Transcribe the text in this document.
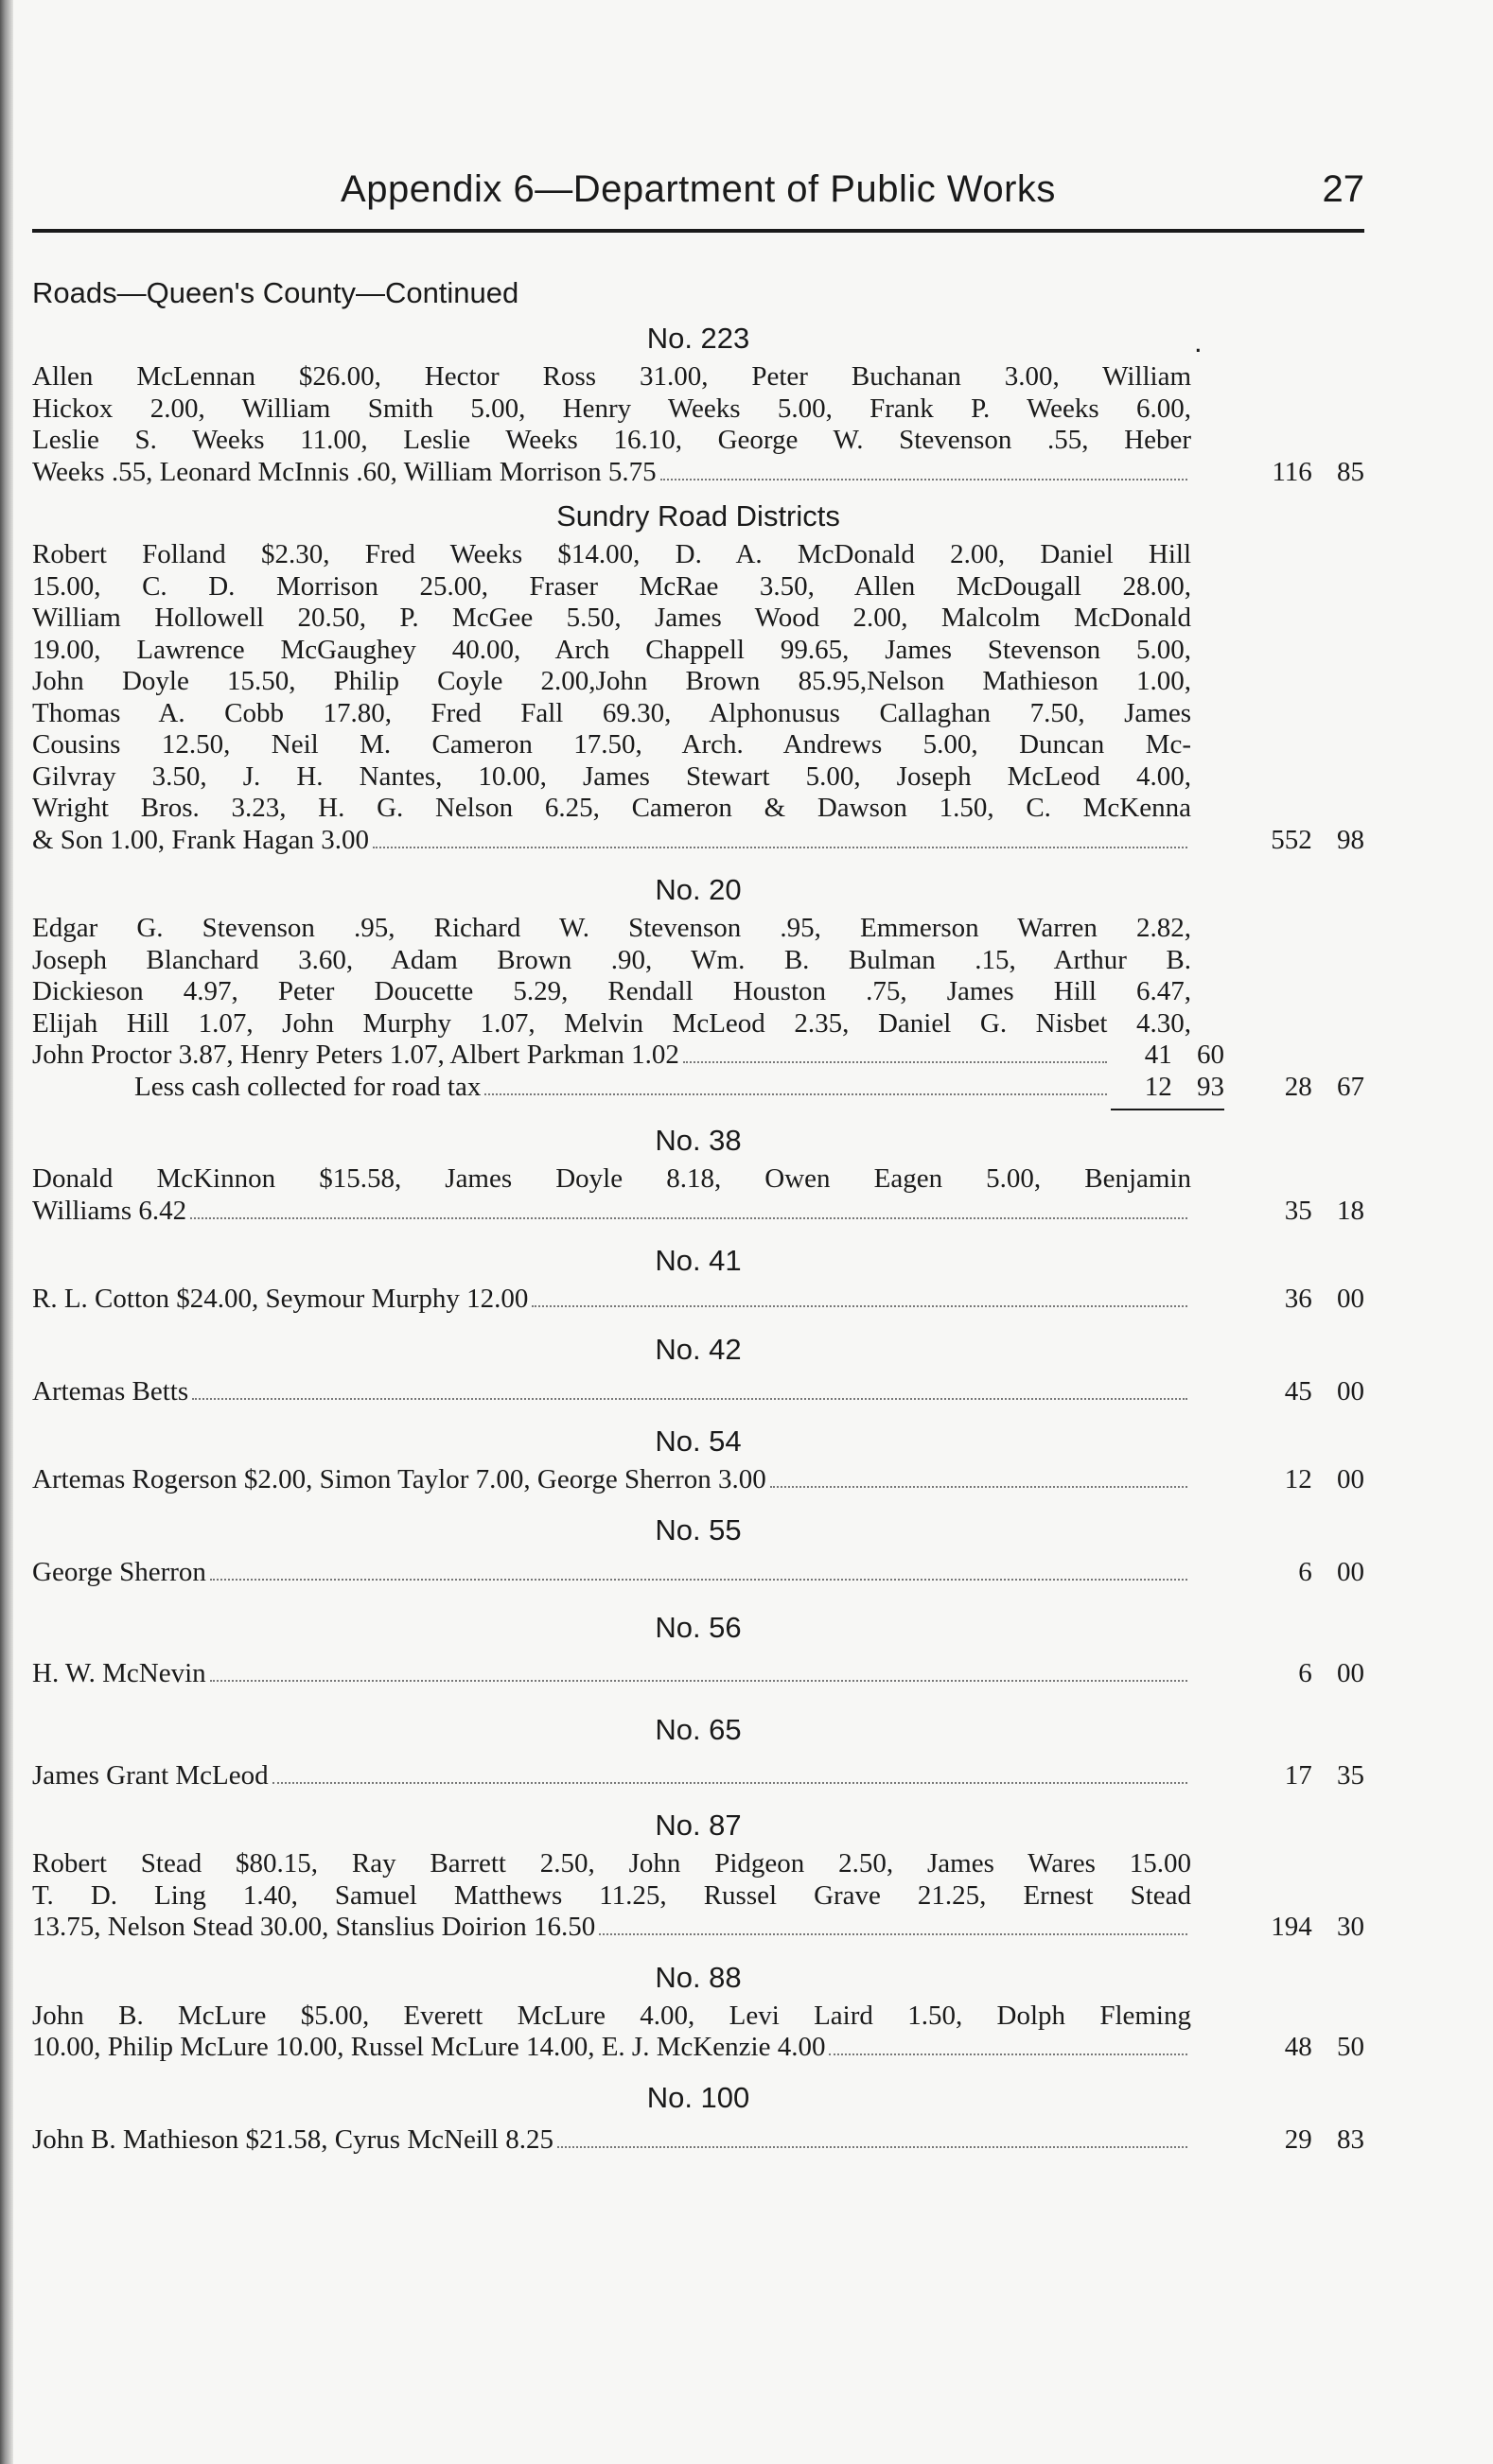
Appendix 6—Department of Public Works	27
Roads—Queen's County—Continued
No. 223	.
Allen McLennan $26.00, Hector Ross 31.00, Peter Buchanan 3.00, William
Hickox 2.00, William Smith 5.00, Henry Weeks 5.00, Frank P. Weeks 6.00,
Leslie S. Weeks 11.00, Leslie Weeks 16.10, George W. Stevenson .55, Heber
Weeks .55, Leonard McInnis .60, William Morrison 5.75	116 85
Sundry Road Districts
Robert Folland $2.30, Fred Weeks $14.00, D. A. McDonald 2.00, Daniel Hill
15.00, C. D. Morrison 25.00, Fraser McRae 3.50, Allen McDougall 28.00,
William Hollowell 20.50, P. McGee 5.50, James Wood 2.00, Malcolm McDonald
19.00, Lawrence McGaughey 40.00, Arch Chappell 99.65, James Stevenson 5.00,
John Doyle 15.50, Philip Coyle 2.00,John Brown 85.95,Nelson Mathieson 1.00,
Thomas A. Cobb 17.80, Fred Fall 69.30, Alphonusus Callaghan 7.50, James
Cousins 12.50, Neil M. Cameron 17.50, Arch. Andrews 5.00, Duncan Mc-
Gilvray 3.50, J. H. Nantes, 10.00, James Stewart 5.00, Joseph McLeod 4.00,
Wright Bros. 3.23, H. G. Nelson 6.25, Cameron & Dawson 1.50, C. McKenna
& Son 1.00, Frank Hagan 3.00	552 98
No. 20
Edgar G. Stevenson .95, Richard W. Stevenson .95, Emmerson Warren 2.82,
Joseph Blanchard 3.60, Adam Brown .90, Wm. B. Bulman .15, Arthur B.
Dickieson 4.97, Peter Doucette 5.29, Rendall Houston .75, James Hill 6.47,
Elijah Hill 1.07, John Murphy 1.07, Melvin McLeod 2.35, Daniel G. Nisbet 4.30,
John Proctor 3.87, Henry Peters 1.07, Albert Parkman 1.02	41 60
Less cash collected for road tax	12 93	28 67
No. 38
Donald McKinnon $15.58, James Doyle 8.18, Owen Eagen 5.00, Benjamin
Williams 6.42	35 18
No. 41
R. L. Cotton $24.00, Seymour Murphy 12.00	36 00
No. 42
Artemas Betts	45 00
No. 54
Artemas Rogerson $2.00, Simon Taylor 7.00, George Sherron 3.00	12 00
No. 55
George Sherron	6 00
No. 56
H. W. McNevin	6 00
No. 65
James Grant McLeod	17 35
No. 87
Robert Stead $80.15, Ray Barrett 2.50, John Pidgeon 2.50, James Wares 15.00
T. D. Ling 1.40, Samuel Matthews 11.25, Russel Grave 21.25, Ernest Stead
13.75, Nelson Stead 30.00, Stanslius Doirion 16.50	194 30
No. 88
John B. McLure $5.00, Everett McLure 4.00, Levi Laird 1.50, Dolph Fleming
10.00, Philip McLure 10.00, Russel McLure 14.00, E. J. McKenzie 4.00	48 50
No. 100
John B. Mathieson $21.58, Cyrus McNeill 8.25	29 83
